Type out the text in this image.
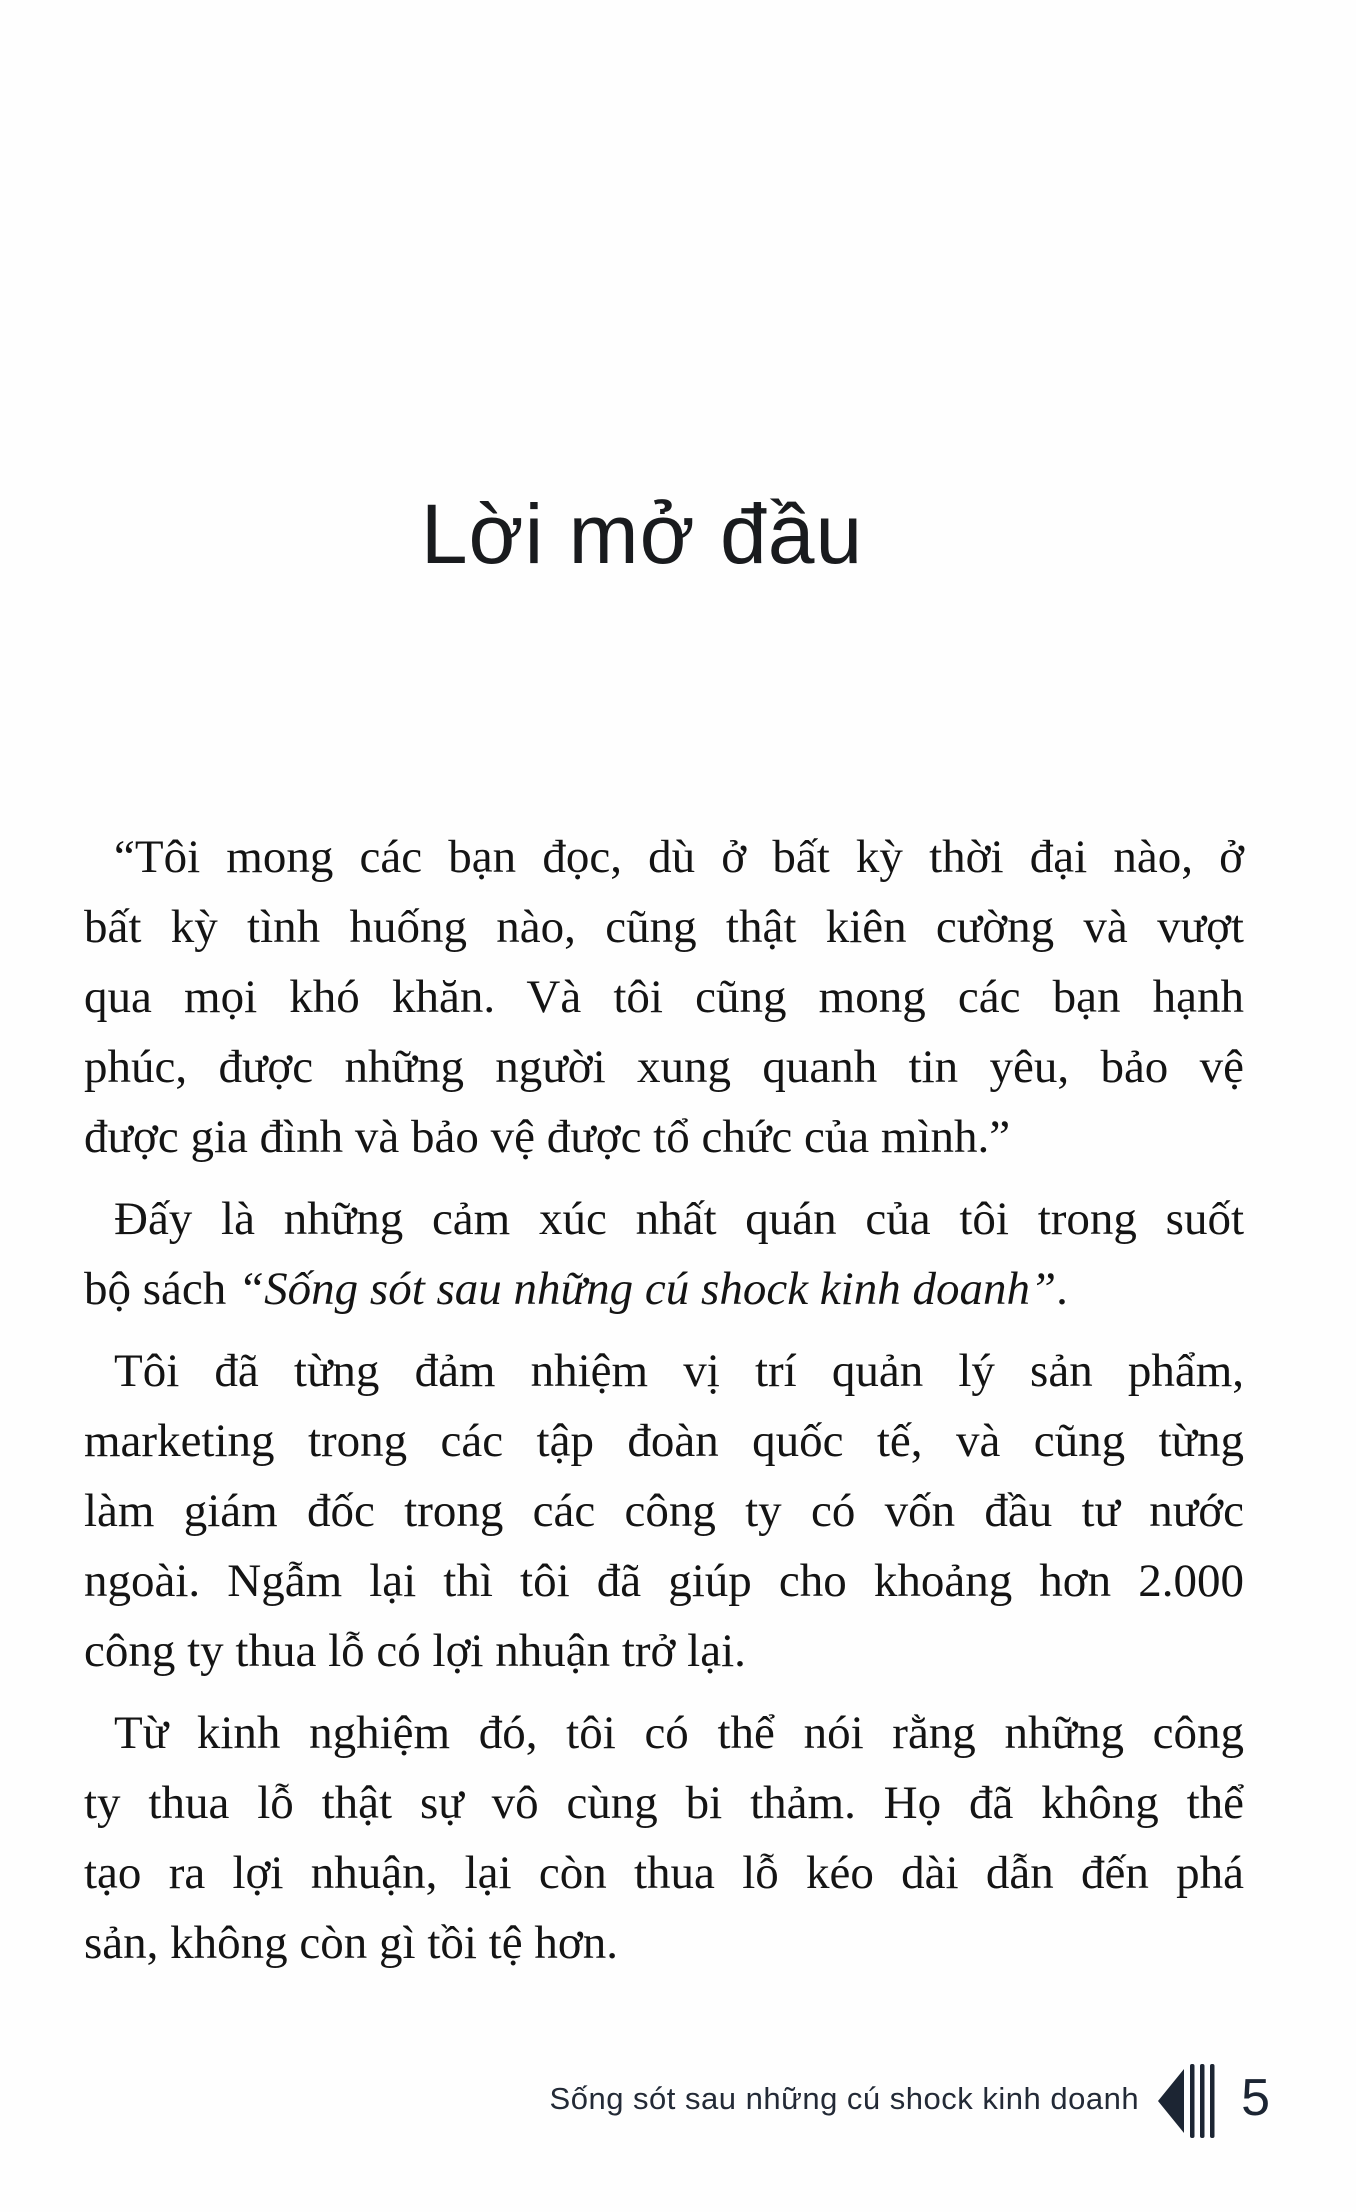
Lời mở đầu
“Tôi mong các bạn đọc, dù ở bất kỳ thời đại nào, ở
bất kỳ tình huống nào, cũng thật kiên cường và vượt
qua mọi khó khăn. Và tôi cũng mong các bạn hạnh
phúc, được những người xung quanh tin yêu, bảo vệ
được gia đình và bảo vệ được tổ chức của mình.”
Đấy là những cảm xúc nhất quán của tôi trong suốt
bộ sách “Sống sót sau những cú shock kinh doanh”.
Tôi đã từng đảm nhiệm vị trí quản lý sản phẩm,
marketing trong các tập đoàn quốc tế, và cũng từng
làm giám đốc trong các công ty có vốn đầu tư nước
ngoài. Ngẫm lại thì tôi đã giúp cho khoảng hơn 2.000
công ty thua lỗ có lợi nhuận trở lại.
Từ kinh nghiệm đó, tôi có thể nói rằng những công
ty thua lỗ thật sự vô cùng bi thảm. Họ đã không thể
tạo ra lợi nhuận, lại còn thua lỗ kéo dài dẫn đến phá
sản, không còn gì tồi tệ hơn.
Sống sót sau những cú shock kinh doanh 5
